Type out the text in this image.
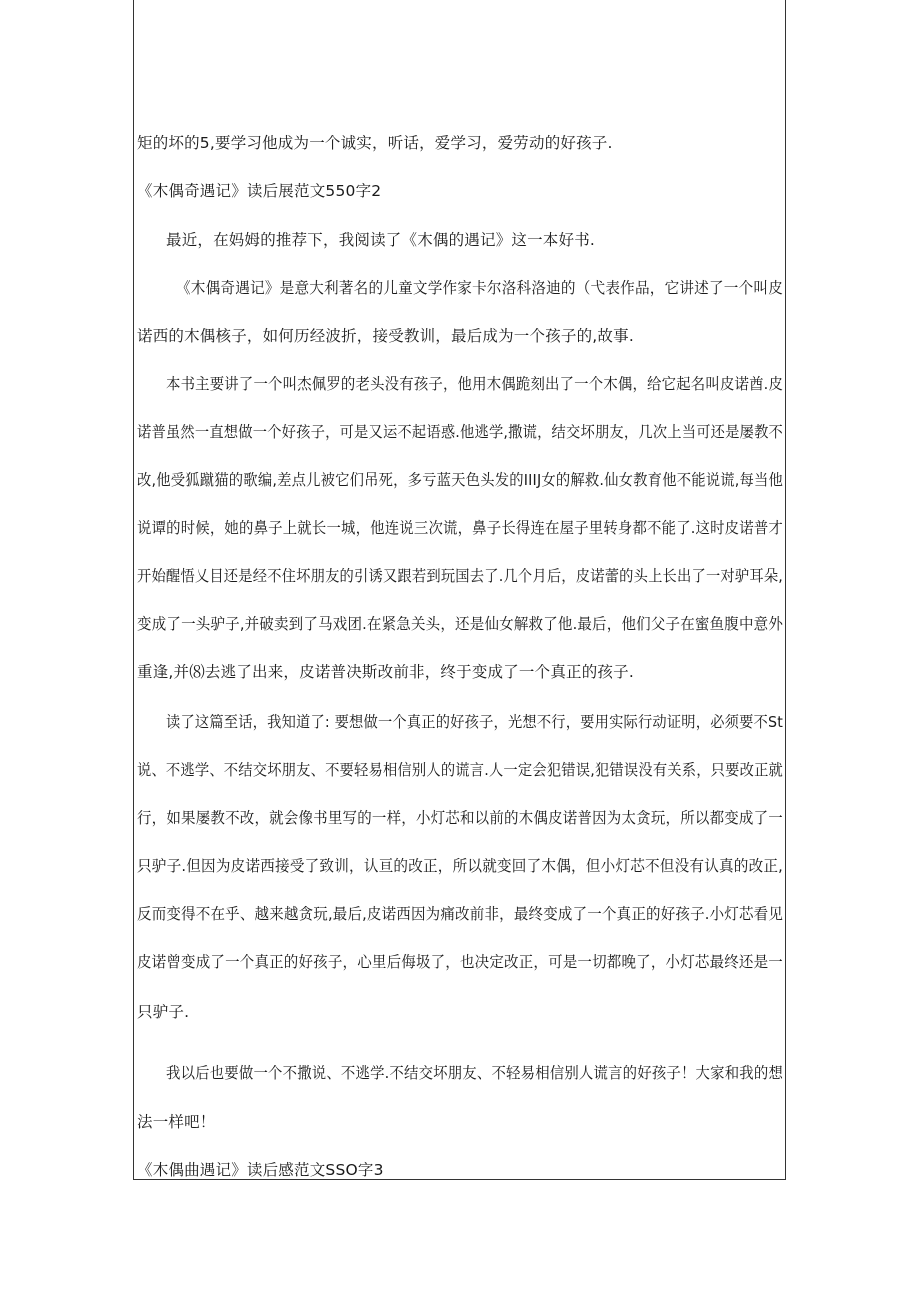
矩的坏的5,要学习他成为一个诚实，听话，爱学习，爱劳动的好孩子.
《木偶奇遇记》读后展范文550字2
最近，在妈姆的推荐下，我阅读了《木偶的遇记》这一本好书.
《木偶奇遇记》是意大利著名的儿童文学作家卡尔洛科洛迪的（弋表作品，它讲述了一个叫皮
诺西的木偶核子，如何历经波折，接受教训，最后成为一个孩子的,故事.
本书主要讲了一个叫杰佩罗的老头没有孩子，他用木偶跪刻出了一个木偶，给它起名叫皮诺酋.皮
诺普虽然一直想做一个好孩子，可是又运不起语惑.他逃学,撒谎，结交坏朋友，几次上当可还是屡教不
改,他受狐蹴猫的歌编,差点儿被它们吊死，多亏蓝天色头发的IIIJ女的解救.仙女教育他不能说谎,每当他
说谭的时候，她的鼻子上就长一城，他连说三次谎，鼻子长得连在屋子里转身都不能了.这时皮诺普才
开始醒悟乂目还是经不住坏朋友的引诱又跟若到玩国去了.几个月后，皮诺蕾的头上长出了一对驴耳朵,
变成了一头驴子,并破卖到了马戏团.在紧急关头，还是仙女解救了他.最后，他们父子在蜜鱼腹中意外
重逢,并⑻去逃了出来，皮诺普决斯改前非，终于变成了一个真正的孩子.
读了这篇至话，我知道了: 要想做一个真正的好孩子，光想不行，要用实际行动证明，必须要不St
说、不逃学、不结交坏朋友、不要轻易相信别人的谎言.人一定会犯错误,犯错误没有关系，只要改正就
行，如果屡教不改，就会像书里写的一样，小灯芯和以前的木偶皮诺普因为太贪玩，所以都变成了一
只驴子.但因为皮诺西接受了致训，认亘的改正，所以就变回了木偶，但小灯芯不但没有认真的改正,
反而变得不在乎、越来越贪玩,最后,皮诺西因为痛改前非，最终变成了一个真正的好孩子.小灯芯看见
皮诺曾变成了一个真正的好孩子，心里后侮圾了，也决定改正，可是一切都晚了，小灯芯最终还是一
只驴子.
我以后也要做一个不撒说、不逃学.不结交坏朋友、不轻易相信别人谎言的好孩子！大家和我的想
法一样吧！
《木偶曲遇记》读后感范文SSO字3
